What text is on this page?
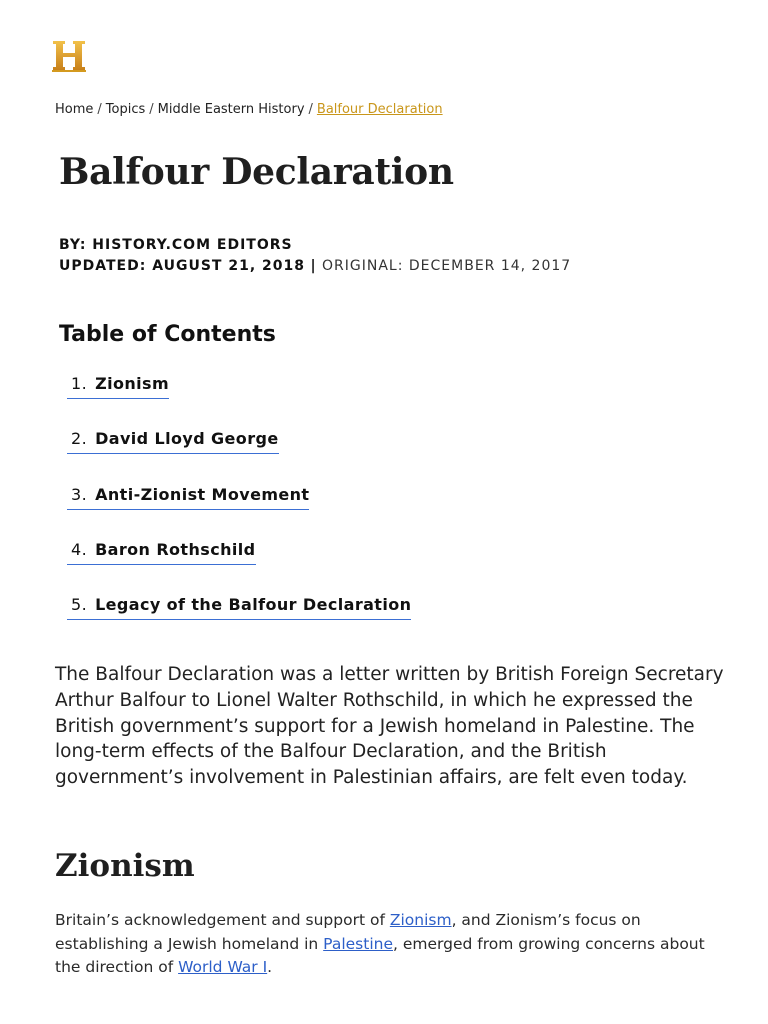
Home / Topics / Middle Eastern History / Balfour Declaration
Balfour Declaration
BY: HISTORY.COM EDITORS
UPDATED: AUGUST 21, 2018 | ORIGINAL: DECEMBER 14, 2017
Table of Contents
1. Zionism
2. David Lloyd George
3. Anti-Zionist Movement
4. Baron Rothschild
5. Legacy of the Balfour Declaration

The Balfour Declaration was a letter written by British Foreign Secretary Arthur Balfour to Lionel Walter Rothschild, in which he expressed the British government’s support for a Jewish homeland in Palestine. The long-term effects of the Balfour Declaration, and the British government’s involvement in Palestinian affairs, are felt even today.

Zionism

Britain’s acknowledgement and support of Zionism, and Zionism’s focus on establishing a Jewish homeland in Palestine, emerged from growing concerns about the direction of World War I.
